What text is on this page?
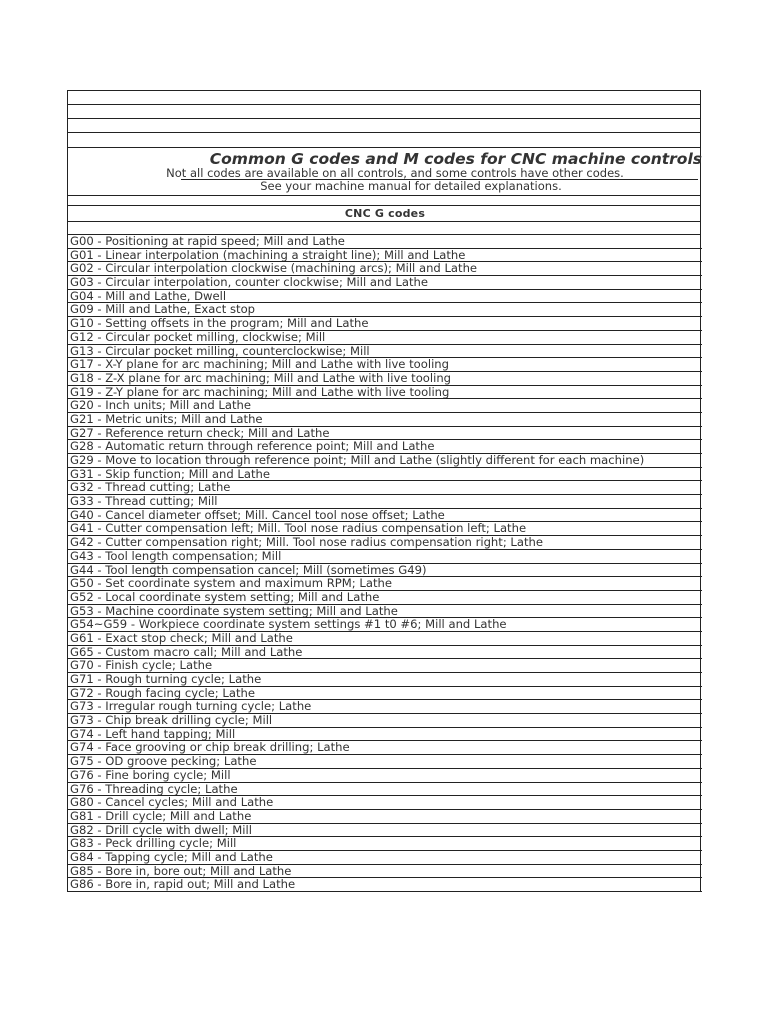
Common G codes and M codes for CNC machine controls
Not all codes are available on all controls, and some controls have other codes.
See your machine manual for detailed explanations.
CNC G codes
G00 - Positioning at rapid speed; Mill and Lathe
G01 - Linear interpolation (machining a straight line); Mill and Lathe
G02 - Circular interpolation clockwise (machining arcs); Mill and Lathe
G03 - Circular interpolation, counter clockwise; Mill and Lathe
G04 - Mill and Lathe, Dwell
G09 - Mill and Lathe, Exact stop
G10 - Setting offsets in the program; Mill and Lathe
G12 - Circular pocket milling, clockwise; Mill
G13 - Circular pocket milling, counterclockwise; Mill
G17 - X-Y plane for arc machining; Mill and Lathe with live tooling
G18 - Z-X plane for arc machining; Mill and Lathe with live tooling
G19 - Z-Y plane for arc machining; Mill and Lathe with live tooling
G20 - Inch units; Mill and Lathe
G21 - Metric units; Mill and Lathe
G27 - Reference return check; Mill and Lathe
G28 - Automatic return through reference point; Mill and Lathe
G29 - Move to location through reference point; Mill and Lathe (slightly different for each machine)
G31 - Skip function; Mill and Lathe
G32 - Thread cutting; Lathe
G33 - Thread cutting; Mill
G40 - Cancel diameter offset; Mill. Cancel tool nose offset; Lathe
G41 - Cutter compensation left; Mill. Tool nose radius compensation left; Lathe
G42 - Cutter compensation right; Mill. Tool nose radius compensation right; Lathe
G43 - Tool length compensation; Mill
G44 - Tool length compensation cancel; Mill (sometimes G49)
G50 - Set coordinate system and maximum RPM; Lathe
G52 - Local coordinate system setting; Mill and Lathe
G53 - Machine coordinate system setting; Mill and Lathe
G54~G59 - Workpiece coordinate system settings #1 t0 #6; Mill and Lathe
G61 - Exact stop check; Mill and Lathe
G65 - Custom macro call; Mill and Lathe
G70 - Finish cycle; Lathe
G71 - Rough turning cycle; Lathe
G72 - Rough facing cycle; Lathe
G73 - Irregular rough turning cycle; Lathe
G73 - Chip break drilling cycle; Mill
G74 - Left hand tapping; Mill
G74 - Face grooving or chip break drilling; Lathe
G75 - OD groove pecking; Lathe
G76 - Fine boring cycle; Mill
G76 - Threading cycle; Lathe
G80 - Cancel cycles; Mill and Lathe
G81 - Drill cycle; Mill and Lathe
G82 - Drill cycle with dwell; Mill
G83 - Peck drilling cycle; Mill
G84 - Tapping cycle; Mill and Lathe
G85 - Bore in, bore out; Mill and Lathe
G86 - Bore in, rapid out; Mill and Lathe
